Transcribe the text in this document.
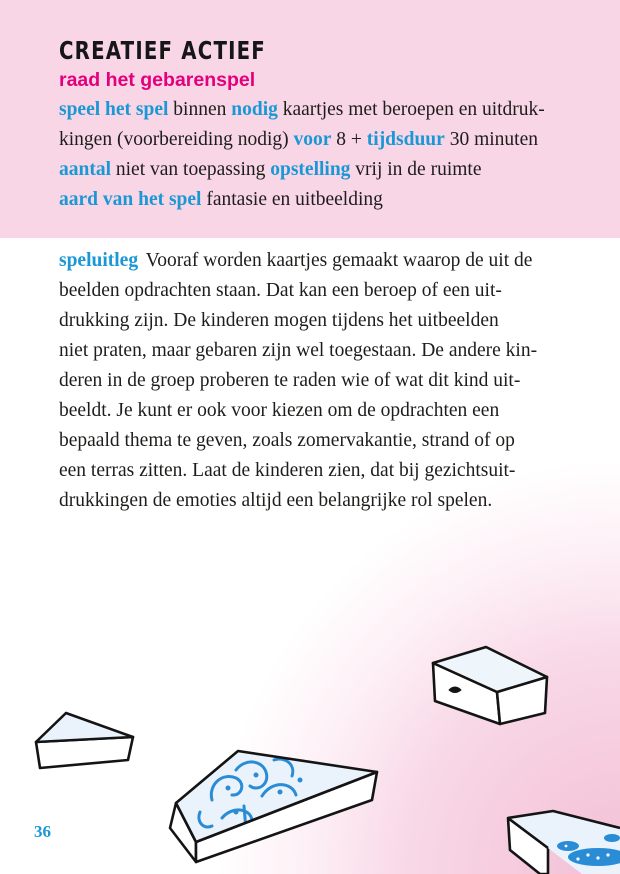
CREATIEF ACTIEF
raad het gebarenspel
speel het spel binnen nodig kaartjes met beroepen en uitdruk-
kingen (voorbereiding nodig) voor 8 + tijdsduur 30 minuten
aantal niet van toepassing opstelling vrij in de ruimte
aard van het spel fantasie en uitbeelding
speluitleg Vooraf worden kaartjes gemaakt waarop de uit de
beelden opdrachten staan. Dat kan een beroep of een uit-
drukking zijn. De kinderen mogen tijdens het uitbeelden
niet praten, maar gebaren zijn wel toegestaan. De andere kin-
deren in de groep proberen te raden wie of wat dit kind uit-
beeldt. Je kunt er ook voor kiezen om de opdrachten een
bepaald thema te geven, zoals zomervakantie, strand of op
een terras zitten. Laat de kinderen zien, dat bij gezichtsuit-
drukkingen de emoties altijd een belangrijke rol spelen.
36
